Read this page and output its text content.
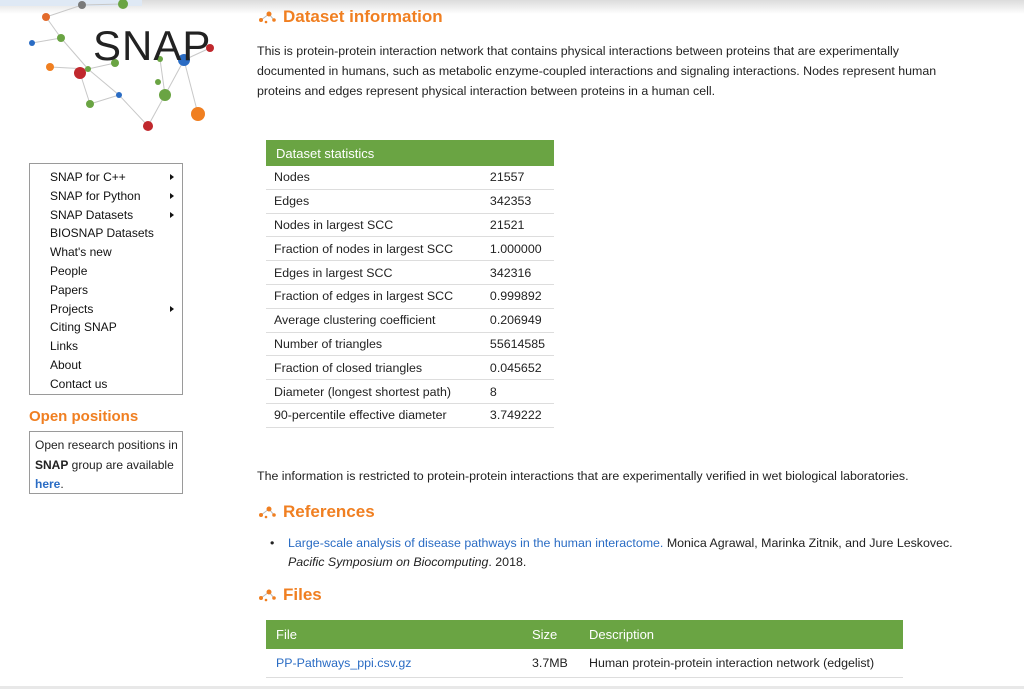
SNAP
SNAP for C++
SNAP for Python
SNAP Datasets
BIOSNAP Datasets
What's new
People
Papers
Projects
Citing SNAP
Links
About
Contact us
Open positions
Open research positions in SNAP group are available here.
Dataset information
This is protein-protein interaction network that contains physical interactions between proteins that are experimentally documented in humans, such as metabolic enzyme-coupled interactions and signaling interactions. Nodes represent human proteins and edges represent physical interaction between proteins in a human cell.
Dataset statistics	
Nodes	21557
Edges	342353
Nodes in largest SCC	21521
Fraction of nodes in largest SCC	1.000000
Edges in largest SCC	342316
Fraction of edges in largest SCC	0.999892
Average clustering coefficient	0.206949
Number of triangles	55614585
Fraction of closed triangles	0.045652
Diameter (longest shortest path)	8
90-percentile effective diameter	3.749222
The information is restricted to protein-protein interactions that are experimentally verified in wet biological laboratories.
References
•	Large-scale analysis of disease pathways in the human interactome. Monica Agrawal, Marinka Zitnik, and Jure Leskovec. Pacific Symposium on Biocomputing. 2018.
Files
File	Size	Description
PP-Pathways_ppi.csv.gz	3.7MB	Human protein-protein interaction network (edgelist)
